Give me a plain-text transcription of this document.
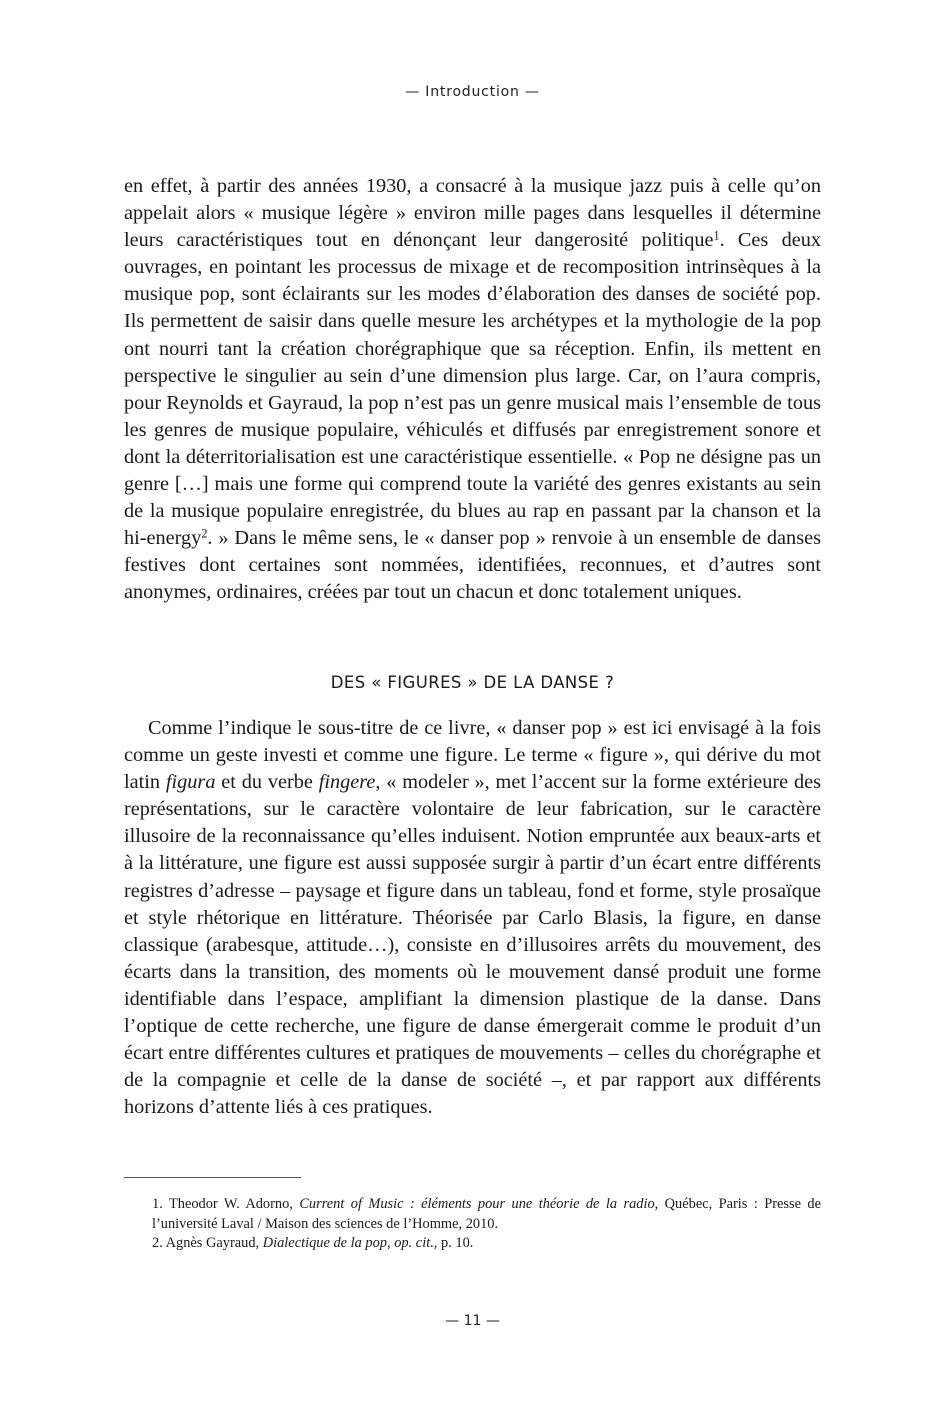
— Introduction —

en effet, à partir des années 1930, a consacré à la musique jazz puis à celle qu’on appelait alors « musique légère » environ mille pages dans lesquelles il détermine leurs caractéristiques tout en dénonçant leur dangerosité politique$^1$. Ces deux ouvrages, en pointant les processus de mixage et de recomposition intrinsèques à la musique pop, sont éclairants sur les modes d’élaboration des danses de société pop. Ils permettent de saisir dans quelle mesure les archétypes et la mythologie de la pop ont nourri tant la création chorégraphique que sa réception. Enfin, ils mettent en perspective le singulier au sein d’une dimension plus large. Car, on l’aura compris, pour Reynolds et Gayraud, la pop n’est pas un genre musical mais l’ensemble de tous les genres de musique populaire, véhiculés et diffusés par enregistrement sonore et dont la déterritorialisation est une caractéristique essentielle. « Pop ne désigne pas un genre […] mais une forme qui comprend toute la variété des genres existants au sein de la musique populaire enregistrée, du blues au rap en passant par la chanson et la hi-energy$^2$. » Dans le même sens, le « danser pop » renvoie à un ensemble de danses festives dont certaines sont nommées, identifiées, reconnues, et d’autres sont anonymes, ordinaires, créées par tout un chacun et donc totalement uniques.

DES « FIGURES » DE LA DANSE ?

Comme l’indique le sous-titre de ce livre, « danser pop » est ici envisagé à la fois comme un geste investi et comme une figure. Le terme « figure », qui dérive du mot latin figura et du verbe fingere, « modeler », met l’accent sur la forme extérieure des représentations, sur le caractère volontaire de leur fabrication, sur le caractère illusoire de la reconnaissance qu’elles induisent. Notion empruntée aux beaux-arts et à la littérature, une figure est aussi supposée surgir à partir d’un écart entre différents registres d’adresse – paysage et figure dans un tableau, fond et forme, style prosaïque et style rhétorique en littérature. Théorisée par Carlo Blasis, la figure, en danse classique (arabesque, attitude…), consiste en d’illusoires arrêts du mouvement, des écarts dans la transition, des moments où le mouvement dansé produit une forme identifiable dans l’espace, amplifiant la dimension plastique de la danse. Dans l’optique de cette recherche, une figure de danse émergerait comme le produit d’un écart entre différentes cultures et pratiques de mouvements – celles du chorégraphe et de la compagnie et celle de la danse de société –, et par rapport aux différents horizons d’attente liés à ces pratiques.

1. Theodor W. Adorno, Current of Music : éléments pour une théorie de la radio, Québec, Paris : Presse de l’université Laval / Maison des sciences de l’Homme, 2010.

2. Agnès Gayraud, Dialectique de la pop, op. cit., p. 10.

— 11 —
